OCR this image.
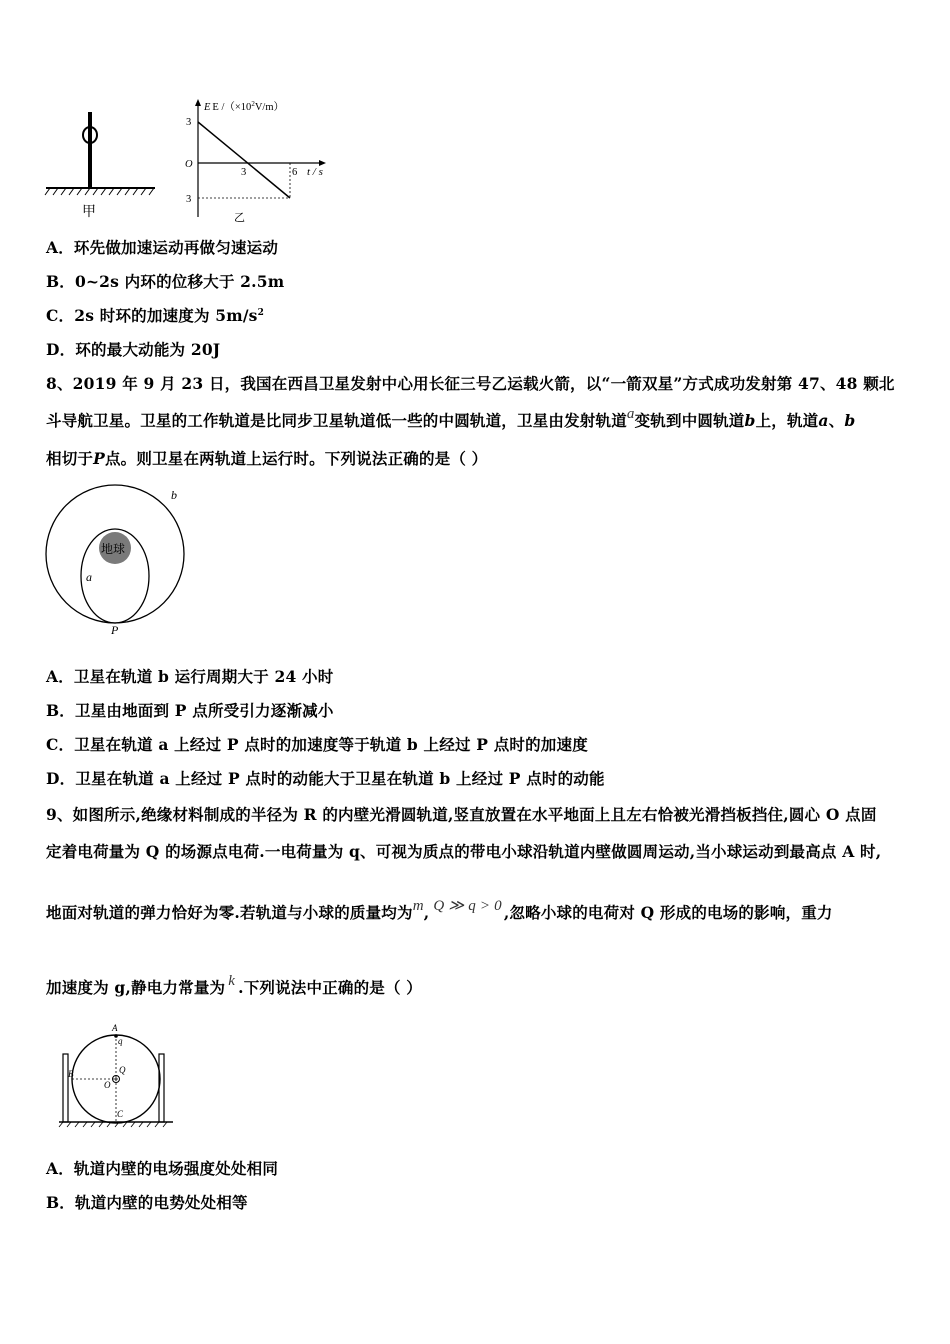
甲
E E $/(\times 10^2V/m)$
3
O
3
3	6 t / s
乙
A．环先做加速运动再做匀速运动
B．0~2s 内环的位移大于 2.5m
C．2s 时环的加速度为 $5m/s^2$
D．环的最大动能为 20J
8、2019 年 9 月 23 日，我国在西昌卫星发射中心用长征三号乙运载火箭，以“一箭双星”方式成功发射第 47、48 颗北
斗导航卫星。卫星的工作轨道是比同步卫星轨道低一些的中圆轨道，卫星由发射轨道a变轨到中圆轨道b上，轨道a、b
相切于P点。则卫星在两轨道上运行时。下列说法正确的是（ ）
地球
b
a
P
A．卫星在轨道 b 运行周期大于 24 小时
B．卫星由地面到 P 点所受引力逐渐减小
C．卫星在轨道 a 上经过 P 点时的加速度等于轨道 b 上经过 P 点时的加速度
D．卫星在轨道 a 上经过 P 点时的动能大于卫星在轨道 b 上经过 P 点时的动能
9、如图所示,绝缘材料制成的半径为 R 的内壁光滑圆轨道,竖直放置在水平地面上且左右恰被光滑挡板挡住,圆心 O 点固
定着电荷量为 Q 的场源点电荷.一电荷量为 q、可视为质点的带电小球沿轨道内壁做圆周运动,当小球运动到最高点 A 时,
地面对轨道的弹力恰好为零.若轨道与小球的质量均为m, Q ≫ q > 0 ,忽略小球的电荷对 Q 形成的电场的影响，重力
加速度为 g,静电力常量为 k .下列说法中正确的是（ ）
A
q
B	Q
O
C
A．轨道内壁的电场强度处处相同
B．轨道内壁的电势处处相等
